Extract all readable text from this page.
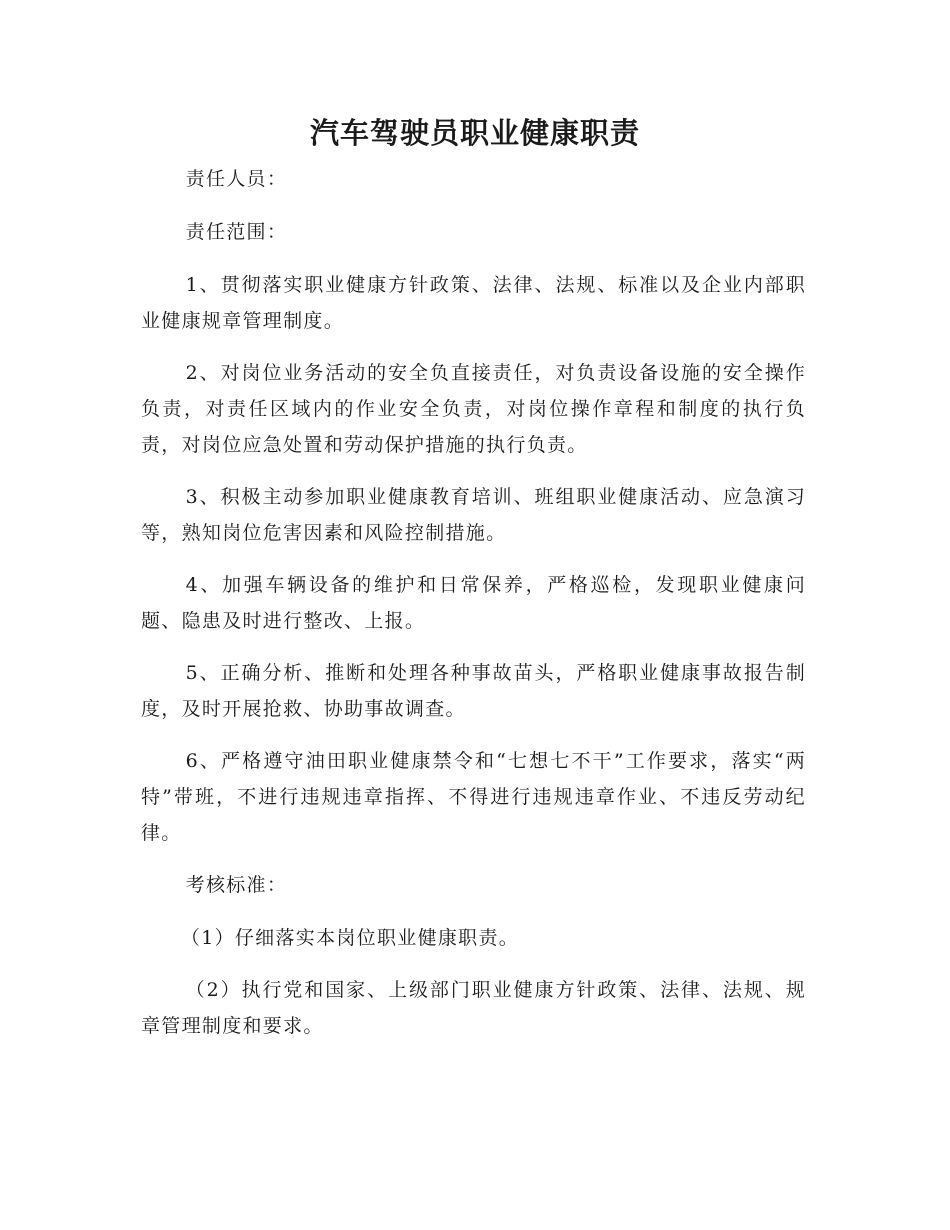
汽车驾驶员职业健康职责

责任人员：

责任范围：

1、贯彻落实职业健康方针政策、法律、法规、标准以及企业内部职业健康规章管理制度。

2、对岗位业务活动的安全负直接责任，对负责设备设施的安全操作负责，对责任区域内的作业安全负责，对岗位操作章程和制度的执行负责，对岗位应急处置和劳动保护措施的执行负责。

3、积极主动参加职业健康教育培训、班组职业健康活动、应急演习等，熟知岗位危害因素和风险控制措施。

4、加强车辆设备的维护和日常保养，严格巡检，发现职业健康问题、隐患及时进行整改、上报。

5、正确分析、推断和处理各种事故苗头，严格职业健康事故报告制度，及时开展抢救、协助事故调查。

6、严格遵守油田职业健康禁令和“七想七不干”工作要求，落实“两特”带班，不进行违规违章指挥、不得进行违规违章作业、不违反劳动纪律。

考核标准：

（1）仔细落实本岗位职业健康职责。

（2）执行党和国家、上级部门职业健康方针政策、法律、法规、规章管理制度和要求。
